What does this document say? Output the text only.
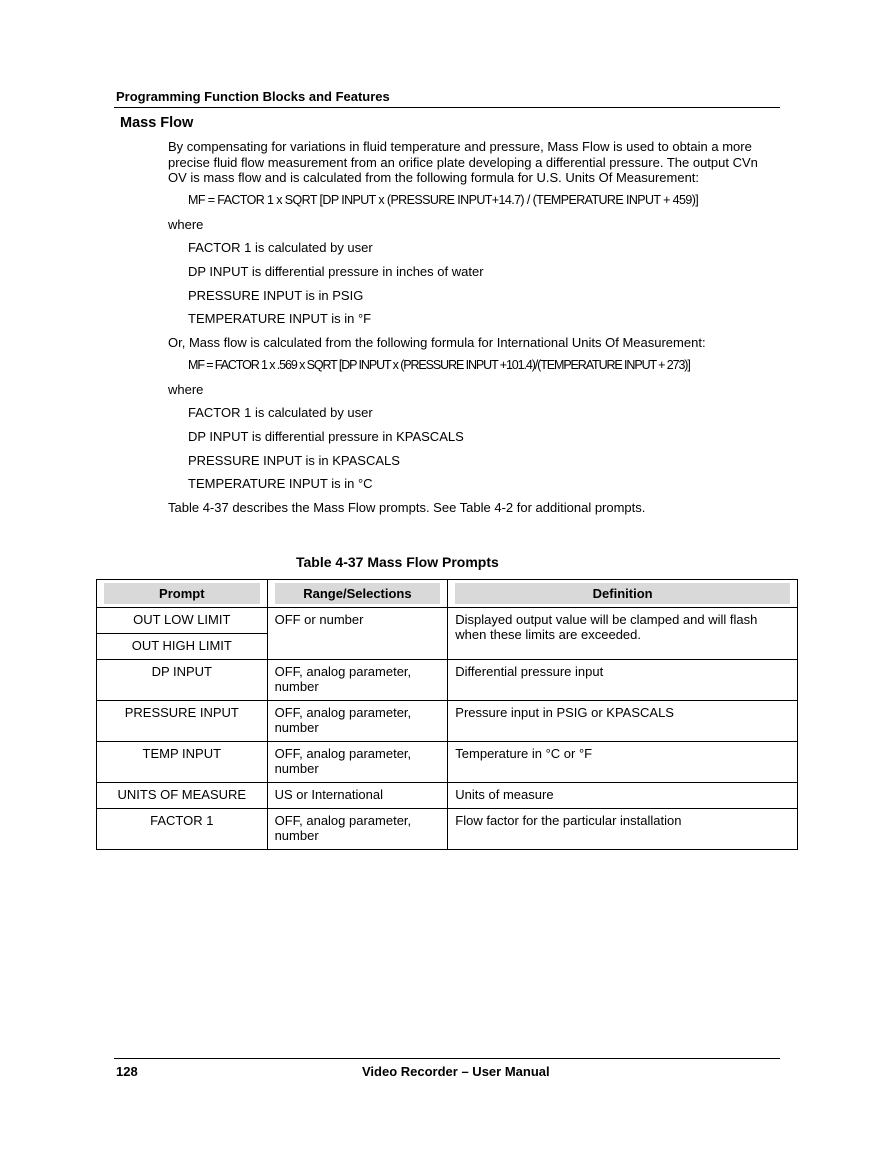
Programming Function Blocks and Features
Mass Flow
By compensating for variations in fluid temperature and pressure, Mass Flow is used to obtain a more precise fluid flow measurement from an orifice plate developing a differential pressure. The output CVn OV is mass flow and is calculated from the following formula for U.S. Units Of Measurement:
MF = FACTOR 1 x SQRT [DP INPUT x (PRESSURE INPUT+14.7) / (TEMPERATURE INPUT + 459)]
where
FACTOR 1 is calculated by user
DP INPUT is differential pressure in inches of water
PRESSURE INPUT is in PSIG
TEMPERATURE INPUT is in °F
Or, Mass flow is calculated from the following formula for International Units Of Measurement:
MF = FACTOR 1 x .569 x SQRT [DP INPUT x (PRESSURE INPUT +101.4)/(TEMPERATURE INPUT + 273)]
where
FACTOR 1 is calculated by user
DP INPUT is differential pressure in KPASCALS
PRESSURE INPUT is in KPASCALS
TEMPERATURE INPUT is in °C
Table 4-37 describes the Mass Flow prompts. See Table 4-2 for additional prompts.
Table 4-37 Mass Flow Prompts
Prompt	Range/Selections	Definition

OUT LOW LIMIT	OFF or number	Displayed output value will be clamped and will flash when these limits are exceeded.
OUT HIGH LIMIT		
DP INPUT	OFF, analog parameter, number	Differential pressure input
PRESSURE INPUT	OFF, analog parameter, number	Pressure input in PSIG or KPASCALS
TEMP INPUT	OFF, analog parameter, number	Temperature in °C or °F
UNITS OF MEASURE	US or International	Units of measure
FACTOR 1	OFF, analog parameter, number	Flow factor for the particular installation
128	Video Recorder – User Manual
